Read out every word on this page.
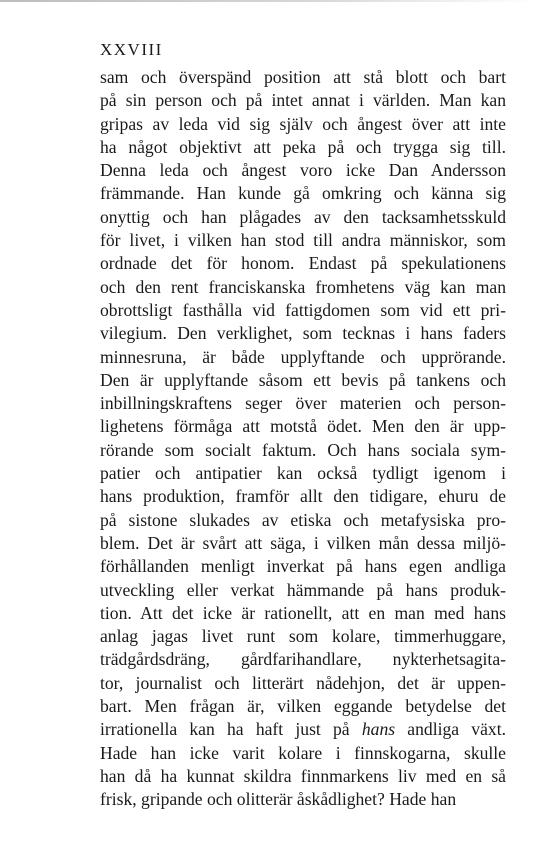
XXVIII
sam och överspänd position att stå blott och bart
på sin person och på intet annat i världen. Man kan
gripas av leda vid sig själv och ångest över att inte
ha något objektivt att peka på och trygga sig till.
Denna leda och ångest voro icke Dan Andersson
främmande. Han kunde gå omkring och känna sig
onyttig och han plågades av den tacksamhetsskuld
för livet, i vilken han stod till andra människor, som
ordnade det för honom. Endast på spekulationens
och den rent franciskanska fromhetens väg kan man
obrottsligt fasthålla vid fattigdomen som vid ett pri-
vilegium. Den verklighet, som tecknas i hans faders
minnesruna, är både upplyftande och upprörande.
Den är upplyftande såsom ett bevis på tankens och
inbillningskraftens seger över materien och person-
lighetens förmåga att motstå ödet. Men den är upp-
rörande som socialt faktum. Och hans sociala sym-
patier och antipatier kan också tydligt igenom i
hans produktion, framför allt den tidigare, ehuru de
på sistone slukades av etiska och metafysiska pro-
blem. Det är svårt att säga, i vilken mån dessa miljö-
förhållanden menligt inverkat på hans egen andliga
utveckling eller verkat hämmande på hans produk-
tion. Att det icke är rationellt, att en man med hans
anlag jagas livet runt som kolare, timmerhuggare,
trädgårdsdräng, gårdfarihandlare, nykterhetsagita-
tor, journalist och litterärt nådehjon, det är uppen-
bart. Men frågan är, vilken eggande betydelse det
irrationella kan ha haft just på hans andliga växt.
Hade han icke varit kolare i finnskogarna, skulle
han då ha kunnat skildra finnmarkens liv med en så
frisk, gripande och olitterär åskådlighet? Hade han
